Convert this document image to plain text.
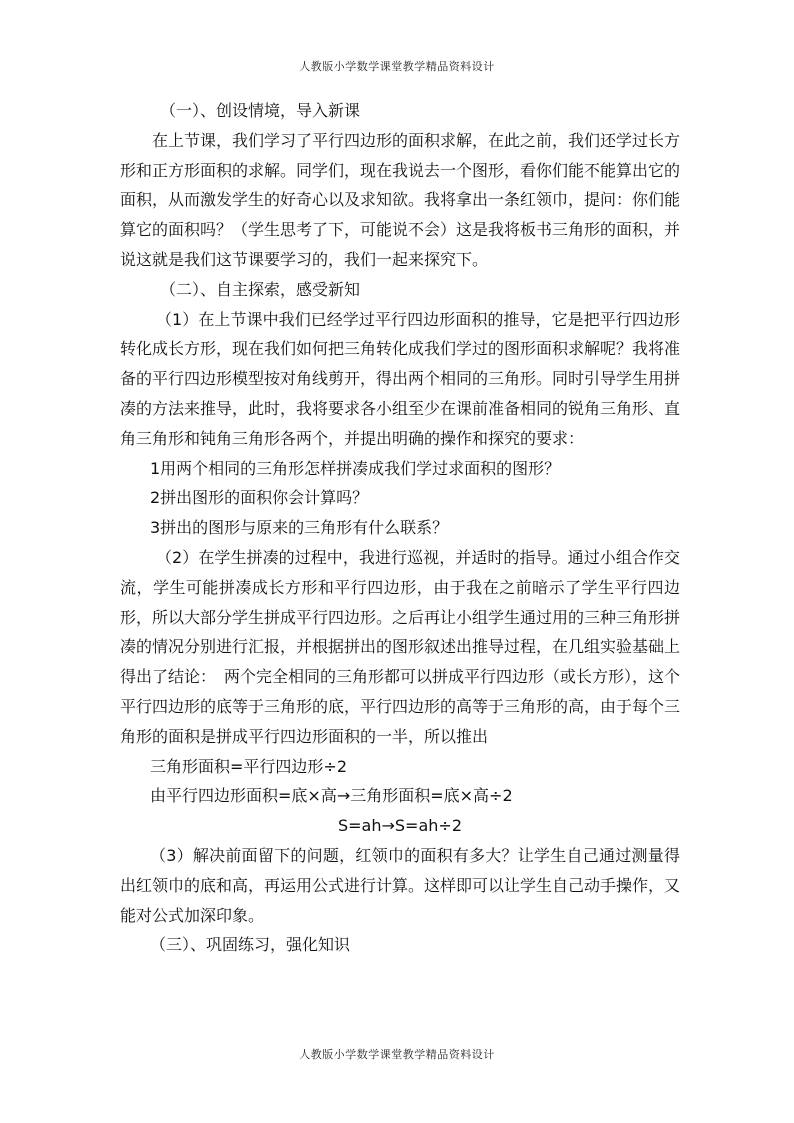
人教版小学数学课堂教学精品资料设计

（一）、创设情境，导入新课

在上节课，我们学习了平行四边形的面积求解，在此之前，我们还学过长方形和正方形面积的求解。同学们，现在我说去一个图形，看你们能不能算出它的面积，从而激发学生的好奇心以及求知欲。我将拿出一条红领巾，提问：你们能算它的面积吗？（学生思考了下，可能说不会）这是我将板书三角形的面积，并说这就是我们这节课要学习的，我们一起来探究下。

（二）、自主探索，感受新知

（1）在上节课中我们已经学过平行四边形面积的推导，它是把平行四边形转化成长方形，现在我们如何把三角转化成我们学过的图形面积求解呢？我将准备的平行四边形模型按对角线剪开，得出两个相同的三角形。同时引导学生用拼凑的方法来推导，此时，我将要求各小组至少在课前准备相同的锐角三角形、直角三角形和钝角三角形各两个，并提出明确的操作和探究的要求：

1用两个相同的三角形怎样拼凑成我们学过求面积的图形？

2拼出图形的面积你会计算吗？

3拼出的图形与原来的三角形有什么联系？

（2）在学生拼凑的过程中，我进行巡视，并适时的指导。通过小组合作交流，学生可能拼凑成长方形和平行四边形，由于我在之前暗示了学生平行四边形，所以大部分学生拼成平行四边形。之后再让小组学生通过用的三种三角形拼凑的情况分别进行汇报，并根据拼出的图形叙述出推导过程，在几组实验基础上得出了结论：　两个完全相同的三角形都可以拼成平行四边形（或长方形），这个平行四边形的底等于三角形的底，平行四边形的高等于三角形的高，由于每个三角形的面积是拼成平行四边形面积的一半，所以推出

三角形面积=平行四边形÷2

由平行四边形面积=底×高→三角形面积=底×高÷2

S=ah→S=ah÷2

（3）解决前面留下的问题，红领巾的面积有多大？让学生自己通过测量得出红领巾的底和高，再运用公式进行计算。这样即可以让学生自己动手操作，又能对公式加深印象。

（三）、巩固练习，强化知识

人教版小学数学课堂教学精品资料设计
